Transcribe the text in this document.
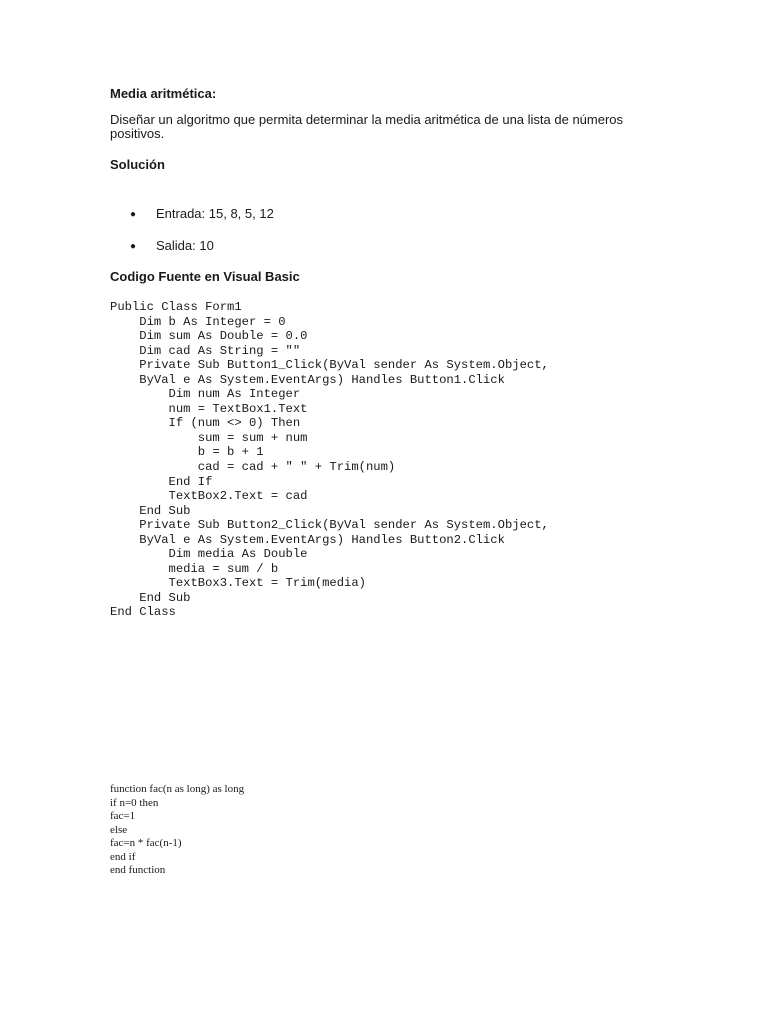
Media aritmética:
Diseñar un algoritmo que permita determinar la media aritmética de una lista de números positivos.
Solución
● Entrada: 15, 8, 5, 12
● Salida: 10
Codigo Fuente en Visual Basic
Public Class Form1
Dim b As Integer = 0
Dim sum As Double = 0.0
Dim cad As String = ""
Private Sub Button1_Click(ByVal sender As System.Object,
ByVal e As System.EventArgs) Handles Button1.Click
Dim num As Integer
num = TextBox1.Text
If (num <> 0) Then
sum = sum + num
b = b + 1
cad = cad + " " + Trim(num)
End If
TextBox2.Text = cad
End Sub
Private Sub Button2_Click(ByVal sender As System.Object,
ByVal e As System.EventArgs) Handles Button2.Click
Dim media As Double
media = sum / b
TextBox3.Text = Trim(media)
End Sub
End Class
function fac(n as long) as long
if n=0 then
fac=1
else
fac=n * fac(n-1)
end if
end function
